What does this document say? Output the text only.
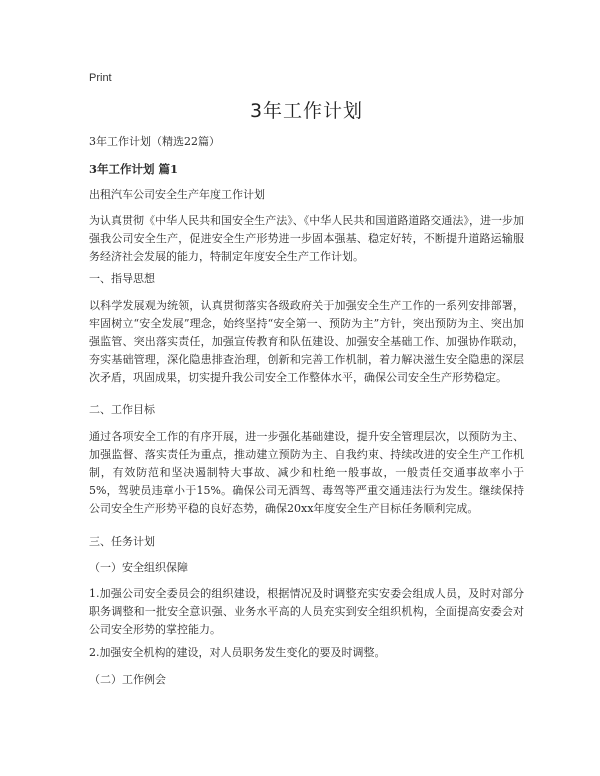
Print
3年工作计划
3年工作计划（精选22篇）
3年工作计划 篇1
出租汽车公司安全生产年度工作计划
为认真贯彻《中华人民共和国安全生产法》、《中华人民共和国道路道路交通法》，进一步加强我公司安全生产，促进安全生产形势进一步固本强基、稳定好转，不断提升道路运输服务经济社会发展的能力，特制定年度安全生产工作计划。
一、指导思想
以科学发展观为统领，认真贯彻落实各级政府关于加强安全生产工作的一系列安排部署，牢固树立“安全发展”理念，始终坚持“安全第一、预防为主”方针，突出预防为主、突出加强监管、突出落实责任，加强宣传教育和队伍建设、加强安全基础工作、加强协作联动，夯实基础管理，深化隐患排查治理，创新和完善工作机制，着力解决滋生安全隐患的深层次矛盾，巩固成果，切实提升我公司安全工作整体水平，确保公司安全生产形势稳定。
二、工作目标
通过各项安全工作的有序开展，进一步强化基础建设，提升安全管理层次，以预防为主、加强监督、落实责任为重点，推动建立预防为主、自我约束、持续改进的安全生产工作机制，有效防范和坚决遏制特大事故、减少和杜绝一般事故，一般责任交通事故率小于5%，驾驶员违章小于15%。确保公司无酒驾、毒驾等严重交通违法行为发生。继续保持公司安全生产形势平稳的良好态势，确保20xx年度安全生产目标任务顺利完成。
三、任务计划
（一）安全组织保障
1.加强公司安全委员会的组织建设，根据情况及时调整充实安委会组成人员，及时对部分职务调整和一批安全意识强、业务水平高的人员充实到安全组织机构，全面提高安委会对公司安全形势的掌控能力。
2.加强安全机构的建设，对人员职务发生变化的要及时调整。
（二）工作例会
